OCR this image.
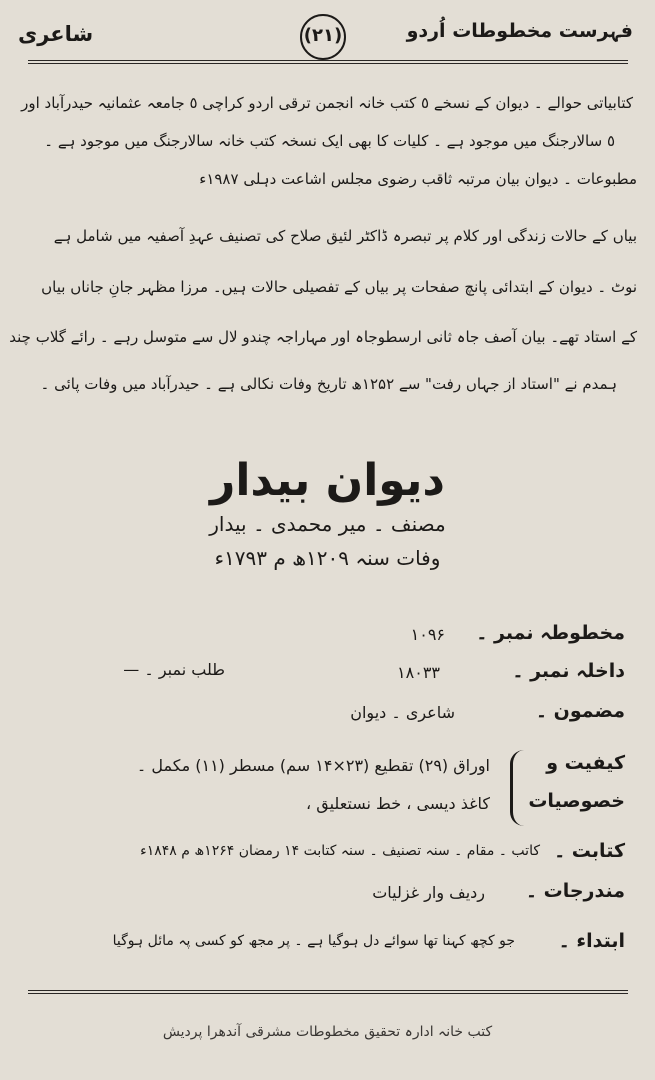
شاعری	(۲۱)	فہرست مخطوطات اُردو
کتابیاتی حوالے ۔ دیوان کے نسخے ٥ کتب خانہ انجمن ترقی اردو کراچی ٥ جامعہ عثمانیہ حیدرآباد اور
٥ سالارجنگ میں موجود ہے ۔ کلیات کا بھی ایک نسخہ کتب خانہ سالارجنگ میں موجود ہے ۔
مطبوعات ۔ دیوان بیان مرتبہ ثاقب رضوی مجلس اشاعت دہلی ۱۹۸۷ء
بیاں کے حالات زندگی اور کلام پر تبصرہ ڈاکٹر لئیق صلاح کی تصنیف عہدِ آصفیہ میں شامل ہے
نوٹ ۔ دیوان کے ابتدائی پانچ صفحات پر بیاں کے تفصیلی حالات ہیں۔ مرزا مظہر جانِ جاناں بیاں
کے استاد تھے۔ بیان آصف جاہ ثانی ارسطوجاہ اور مہاراجہ چندو لال سے متوسل رہے ۔ رائے گلاب چند
ہمدم نے "استاد از جہاں رفت" سے ۱۲۵۲ھ تاریخ وفات نکالی ہے ۔ حیدرآباد میں وفات پائی ۔
دیوان بیدار
مصنف ۔ میر محمدی ۔ بیدار
وفات سنہ ۱۲۰۹ھ م ۱۷۹۳ء
مخطوطہ نمبر ۔
۱۰۹۶
داخلہ نمبر ۔
۱۸۰۳۳
طلب نمبر ۔ —
مضمون ۔
شاعری ۔ دیوان
کیفیت و
خصوصیات
اوراق (۲۹) تقطیع (۲۳×۱۴ سم) مسطر (۱۱) مکمل ۔
کاغذ دیسی ، خط نستعلیق ،
کتابت ۔
کاتب ۔ مقام ۔ سنہ تصنیف ۔ سنہ کتابت ۱۴ رمضان ۱۲۶۴ھ م ۱۸۴۸ء
مندرجات ۔
ردیف وار غزلیات
ابتداء ۔
جو کچھ کہنا تھا سوائے دل ہوگیا ہے ۔ پر مجھ کو کسی پہ مائل ہوگیا
کتب خانہ ادارہ تحقیق مخطوطات مشرقی آندھرا پردیش
